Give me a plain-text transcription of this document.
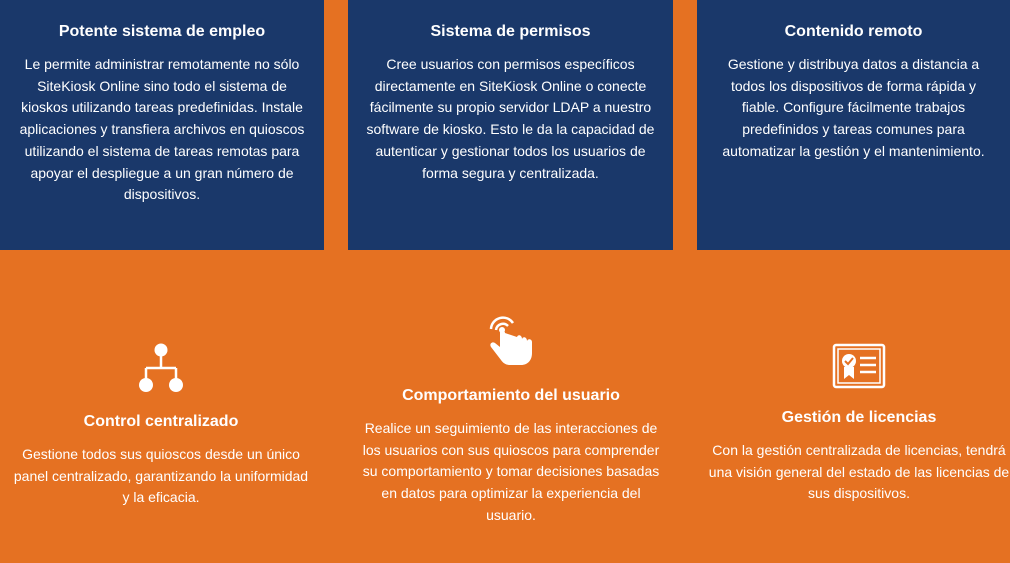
Potente sistema de empleo

Le permite administrar remotamente no sólo SiteKiosk Online sino todo el sistema de kioskos utilizando tareas predefinidas. Instale aplicaciones y transfiera archivos en quioscos utilizando el sistema de tareas remotas para apoyar el despliegue a un gran número de dispositivos.

Sistema de permisos

Cree usuarios con permisos específicos directamente en SiteKiosk Online o conecte fácilmente su propio servidor LDAP a nuestro software de kiosko. Esto le da la capacidad de autenticar y gestionar todos los usuarios de forma segura y centralizada.

Contenido remoto

Gestione y distribuya datos a distancia a todos los dispositivos de forma rápida y fiable. Configure fácilmente trabajos predefinidos y tareas comunes para automatizar la gestión y el mantenimiento.

Control centralizado

Gestione todos sus quioscos desde un único panel centralizado, garantizando la uniformidad y la eficacia.

Comportamiento del usuario

Realice un seguimiento de las interacciones de los usuarios con sus quioscos para comprender su comportamiento y tomar decisiones basadas en datos para optimizar la experiencia del usuario.

Gestión de licencias

Con la gestión centralizada de licencias, tendrá una visión general del estado de las licencias de sus dispositivos.
